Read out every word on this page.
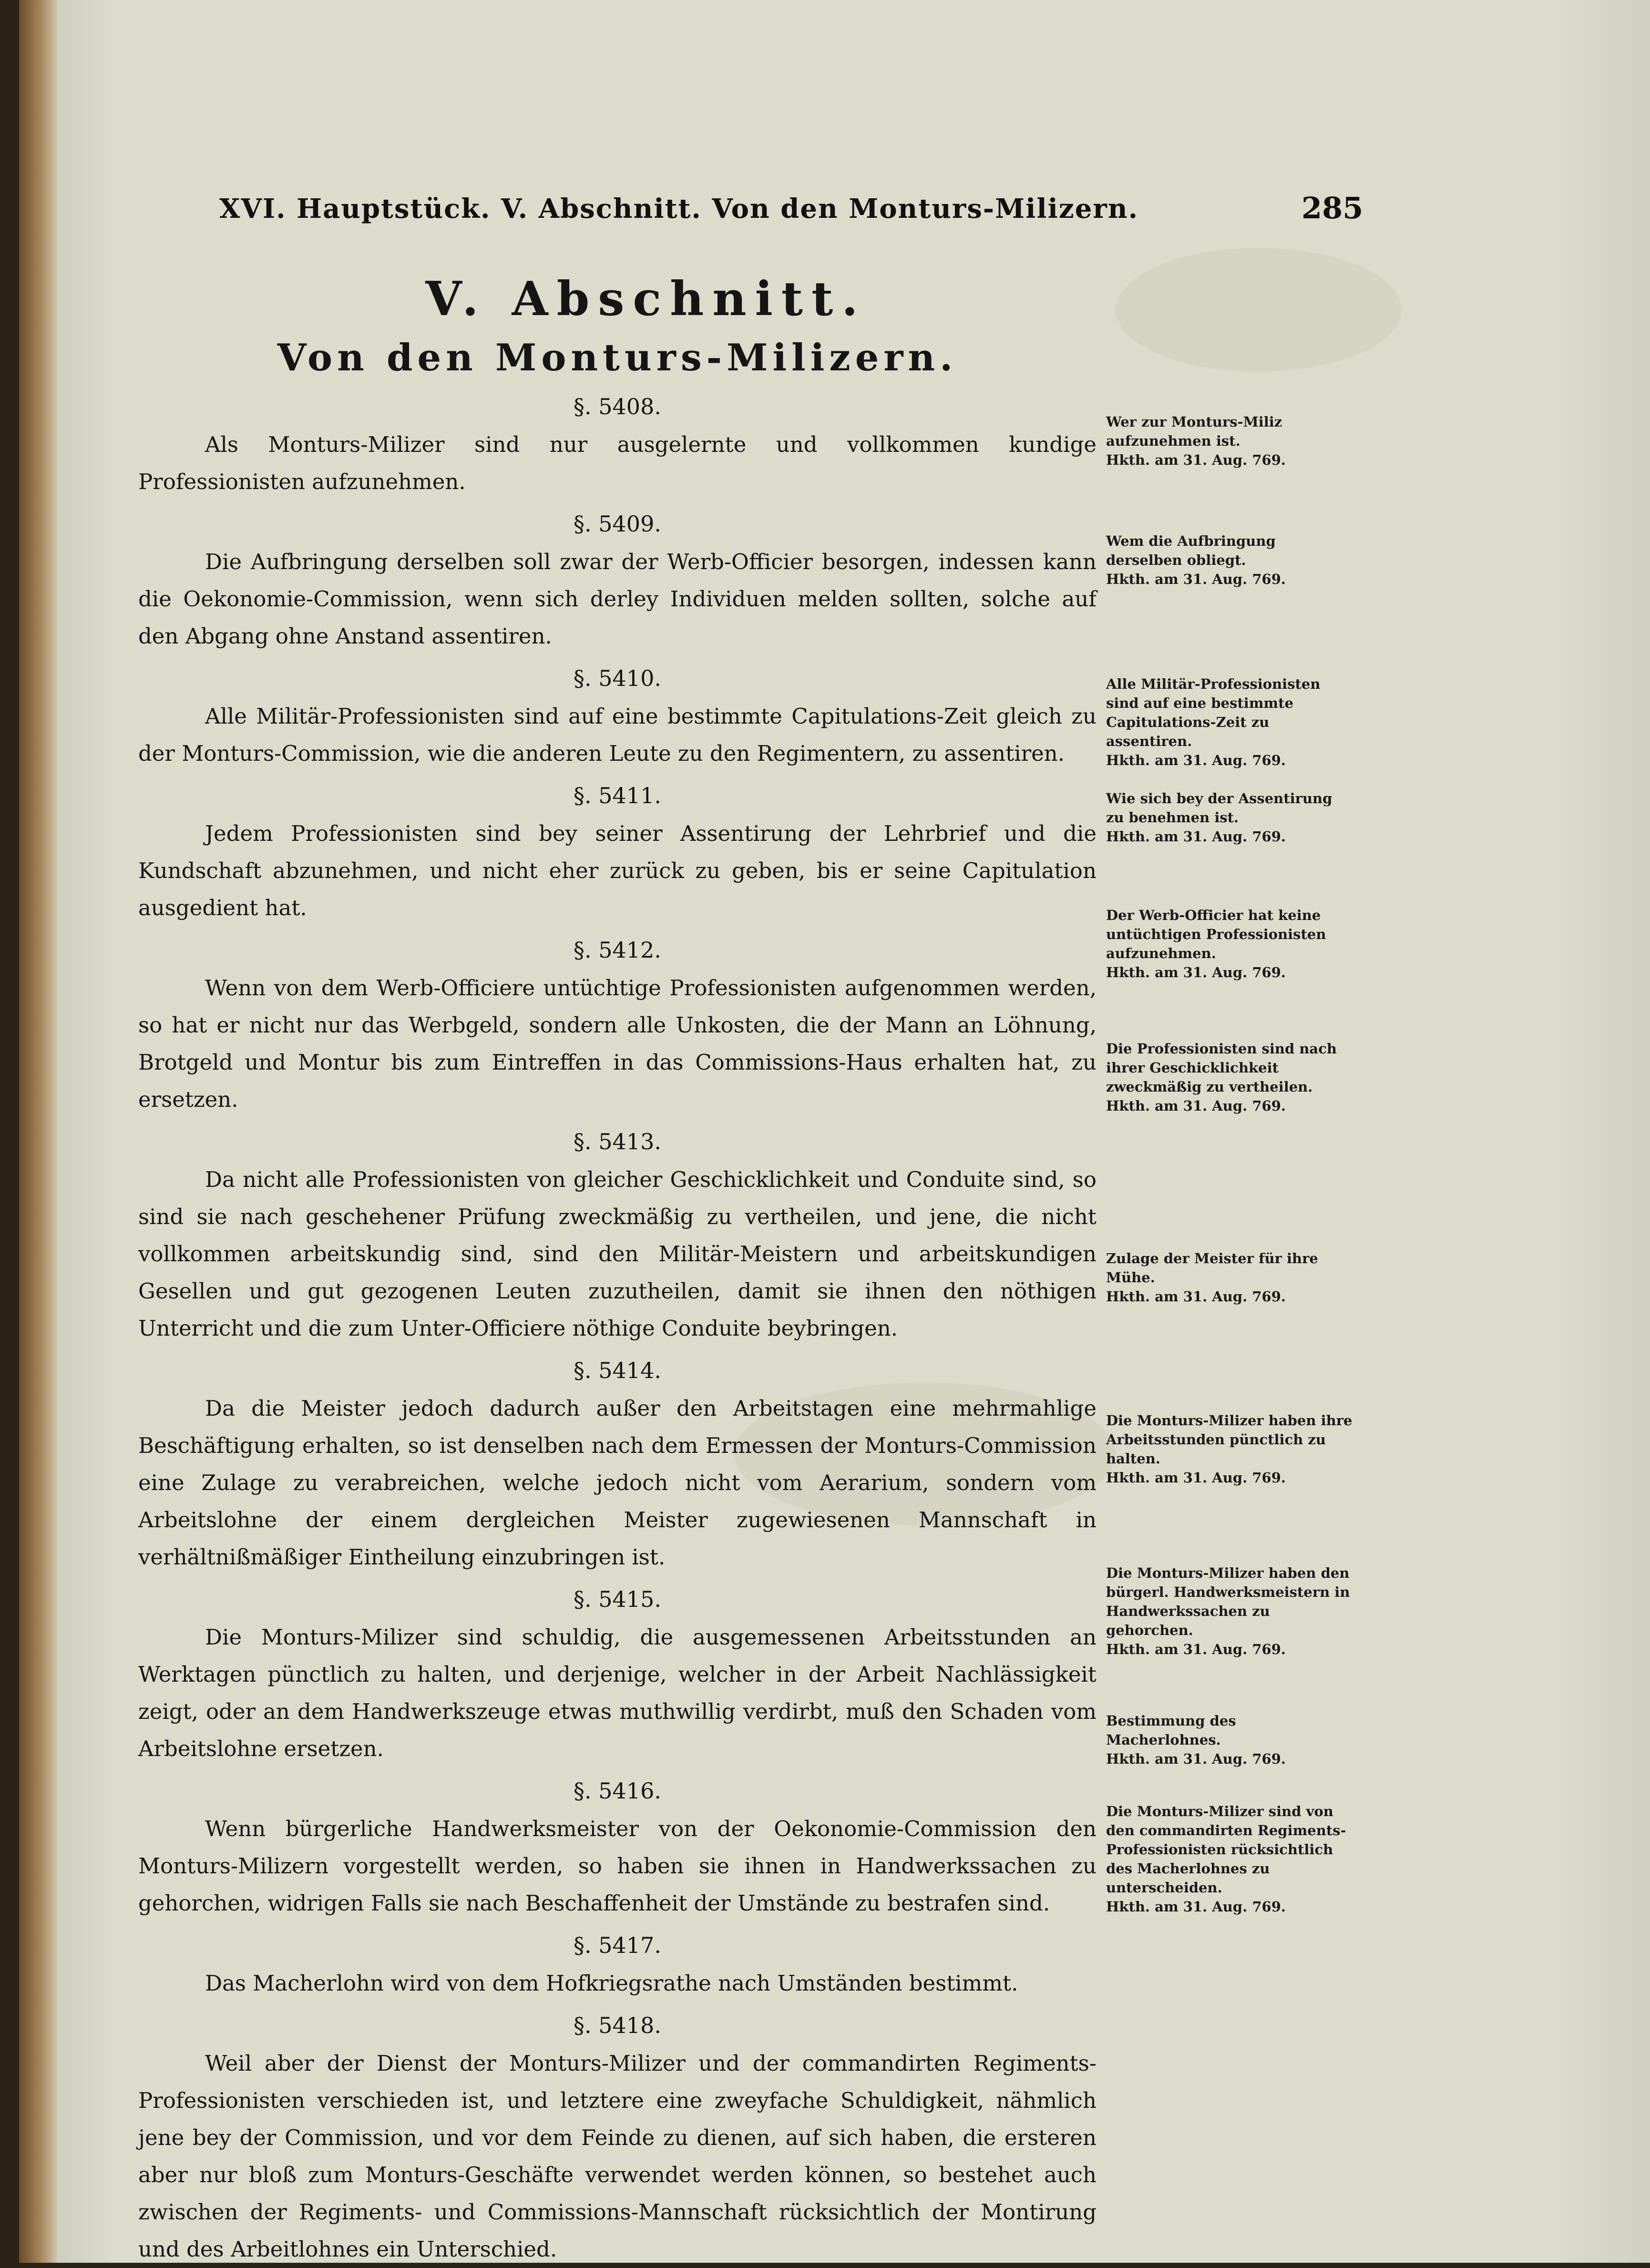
XVI. Hauptstück. V. Abschnitt. Von den Monturs-Milizern.	285
V. Abschnitt.
Von den Monturs-Milizern.
§. 5408.

Als Monturs-Milizer sind nur ausgelernte und vollkommen kundige Professionisten aufzunehmen.

§. 5409.

Die Aufbringung derselben soll zwar der Werb-Officier besorgen, indessen kann die Oekonomie-Commission, wenn sich derley Individuen melden sollten, solche auf den Abgang ohne Anstand assentiren.

§. 5410.

Alle Militär-Professionisten sind auf eine bestimmte Capitulations-Zeit gleich zu der Monturs-Commission, wie die anderen Leute zu den Regimentern, zu assentiren.

§. 5411.

Jedem Professionisten sind bey seiner Assentirung der Lehrbrief und die Kundschaft abzunehmen, und nicht eher zurück zu geben, bis er seine Capitulation ausgedient hat.

§. 5412.

Wenn von dem Werb-Officiere untüchtige Professionisten aufgenommen werden, so hat er nicht nur das Werbgeld, sondern alle Unkosten, die der Mann an Löhnung, Brotgeld und Montur bis zum Eintreffen in das Commissions-Haus erhalten hat, zu ersetzen.

§. 5413.

Da nicht alle Professionisten von gleicher Geschicklichkeit und Conduite sind, so sind sie nach geschehener Prüfung zweckmäßig zu vertheilen, und jene, die nicht vollkommen arbeitskundig sind, sind den Militär-Meistern und arbeitskundigen Gesellen und gut gezogenen Leuten zuzutheilen, damit sie ihnen den nöthigen Unterricht und die zum Unter-Officiere nöthige Conduite beybringen.

§. 5414.

Da die Meister jedoch dadurch außer den Arbeitstagen eine mehrmahlige Beschäftigung erhalten, so ist denselben nach dem Ermessen der Monturs-Commission eine Zulage zu verabreichen, welche jedoch nicht vom Aerarium, sondern vom Arbeitslohne der einem dergleichen Meister zugewiesenen Mannschaft in verhältnißmäßiger Eintheilung einzubringen ist.

§. 5415.

Die Monturs-Milizer sind schuldig, die ausgemessenen Arbeitsstunden an Werktagen pünctlich zu halten, und derjenige, welcher in der Arbeit Nachlässigkeit zeigt, oder an dem Handwerkszeuge etwas muthwillig verdirbt, muß den Schaden vom Arbeitslohne ersetzen.

§. 5416.

Wenn bürgerliche Handwerksmeister von der Oekonomie-Commission den Monturs-Milizern vorgestellt werden, so haben sie ihnen in Handwerkssachen zu gehorchen, widrigen Falls sie nach Beschaffenheit der Umstände zu bestrafen sind.

§. 5417.

Das Macherlohn wird von dem Hofkriegsrathe nach Umständen bestimmt.

§. 5418.

Weil aber der Dienst der Monturs-Milizer und der commandirten Regiments-Professionisten verschieden ist, und letztere eine zweyfache Schuldigkeit, nähmlich jene bey der Commission, und vor dem Feinde zu dienen, auf sich haben, die ersteren aber nur bloß zum Monturs-Geschäfte verwendet werden können, so bestehet auch zwischen der Regiments- und Commissions-Mannschaft rücksichtlich der Montirung und des Arbeitlohnes ein Unterschied.

Wer zur Monturs-Miliz aufzunehmen ist.
Hkth. am 31. Aug. 769.
Wem die Aufbringung derselben obliegt.
Hkth. am 31. Aug. 769.
Alle Militär-Professionisten sind auf eine bestimmte Capitulations-Zeit zu assentiren.
Hkth. am 31. Aug. 769.
Wie sich bey der Assentirung zu benehmen ist.
Hkth. am 31. Aug. 769.
Der Werb-Officier hat keine untüchtigen Professionisten aufzunehmen.
Hkth. am 31. Aug. 769.
Die Professionisten sind nach ihrer Geschicklichkeit zweckmäßig zu vertheilen.
Hkth. am 31. Aug. 769.
Zulage der Meister für ihre Mühe.
Hkth. am 31. Aug. 769.
Die Monturs-Milizer haben ihre Arbeitsstunden pünctlich zu halten.
Hkth. am 31. Aug. 769.
Die Monturs-Milizer haben den bürgerl. Handwerksmeistern in Handwerkssachen zu gehorchen.
Hkth. am 31. Aug. 769.
Bestimmung des Macherlohnes.
Hkth. am 31. Aug. 769.
Die Monturs-Milizer sind von den commandirten Regiments-Professionisten rücksichtlich des Macherlohnes zu unterscheiden.
Hkth. am 31. Aug. 769.
